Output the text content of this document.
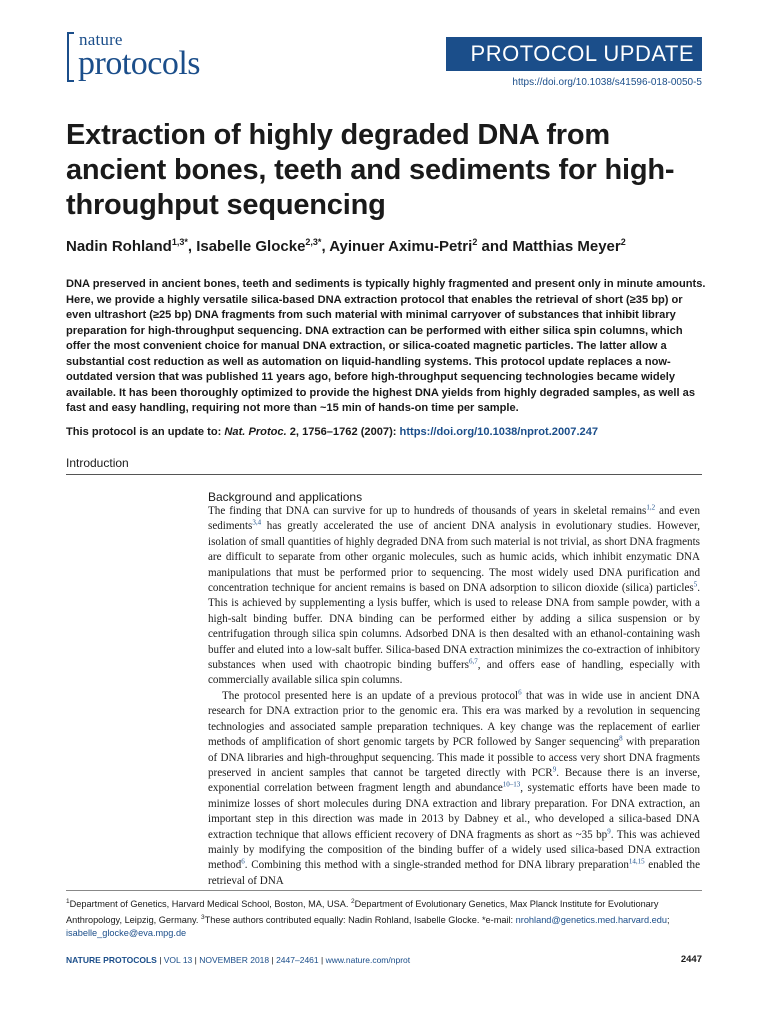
nature
protocols	PROTOCOL UPDATE
https://doi.org/10.1038/s41596-018-0050-5
Extraction of highly degraded DNA from ancient bones, teeth and sediments for high-throughput sequencing
Nadin Rohland$^{1,3*}$, Isabelle Glocke$^{2,3*}$, Ayinuer Aximu-Petri$^2$ and Matthias Meyer$^2$

DNA preserved in ancient bones, teeth and sediments is typically highly fragmented and present only in minute amounts. Here, we provide a highly versatile silica-based DNA extraction protocol that enables the retrieval of short (≥35 bp) or even ultrashort (≥25 bp) DNA fragments from such material with minimal carryover of substances that inhibit library preparation for high-throughput sequencing. DNA extraction can be performed with either silica spin columns, which offer the most convenient choice for manual DNA extraction, or silica-coated magnetic particles. The latter allow a substantial cost reduction as well as automation on liquid-handling systems. This protocol update replaces a now-outdated version that was published 11 years ago, before high-throughput sequencing technologies became widely available. It has been thoroughly optimized to provide the highest DNA yields from highly degraded samples, as well as fast and easy handling, requiring not more than ~15 min of hands-on time per sample.

This protocol is an update to: Nat. Protoc. 2, 1756–1762 (2007): https://doi.org/10.1038/nprot.2007.247
Introduction
Background and applications

The finding that DNA can survive for up to hundreds of thousands of years in skeletal remains$^{1,2}$ and even sediments$^{3,4}$ has greatly accelerated the use of ancient DNA analysis in evolutionary studies. However, isolation of small quantities of highly degraded DNA from such material is not trivial, as short DNA fragments are difficult to separate from other organic molecules, such as humic acids, which inhibit enzymatic DNA manipulations that must be performed prior to sequencing. The most widely used DNA purification and concentration technique for ancient remains is based on DNA adsorption to silicon dioxide (silica) particles$^5$. This is achieved by supplementing a lysis buffer, which is used to release DNA from sample powder, with a high-salt binding buffer. DNA binding can be performed either by adding a silica suspension or by centrifugation through silica spin columns. Adsorbed DNA is then desalted with an ethanol-containing wash buffer and eluted into a low-salt buffer. Silica-based DNA extraction minimizes the co-extraction of inhibitory substances when used with chaotropic binding buffers$^{6,7}$, and offers ease of handling, especially with commercially available silica spin columns.

The protocol presented here is an update of a previous protocol$^6$ that was in wide use in ancient DNA research for DNA extraction prior to the genomic era. This era was marked by a revolution in sequencing technologies and associated sample preparation techniques. A key change was the replacement of earlier methods of amplification of short genomic targets by PCR followed by Sanger sequencing$^8$ with preparation of DNA libraries and high-throughput sequencing. This made it possible to access very short DNA fragments preserved in ancient samples that cannot be targeted directly with PCR$^9$. Because there is an inverse, exponential correlation between fragment length and abundance$^{10-13}$, systematic efforts have been made to minimize losses of short molecules during DNA extraction and library preparation. For DNA extraction, an important step in this direction was made in 2013 by Dabney et al., who developed a silica-based DNA extraction technique that allows efficient recovery of DNA fragments as short as ~35 $bp^9$. This was achieved mainly by modifying the composition of the binding buffer of a widely used silica-based DNA extraction method$^6$. Combining this method with a single-stranded method for DNA library preparation$^{14,15}$ enabled the retrieval of DNA

$^1$Department of Genetics, Harvard Medical School, Boston, MA, USA. $^2$Department of Evolutionary Genetics, Max Planck Institute for Evolutionary Anthropology, Leipzig, Germany. $^3$These authors contributed equally: Nadin Rohland, Isabelle Glocke. *e-mail: nrohland@genetics.med.harvard.edu; isabelle_glocke@eva.mpg.de
NATURE PROTOCOLS | VOL 13 | NOVEMBER 2018 | 2447–2461 | www.nature.com/nprot	2447
